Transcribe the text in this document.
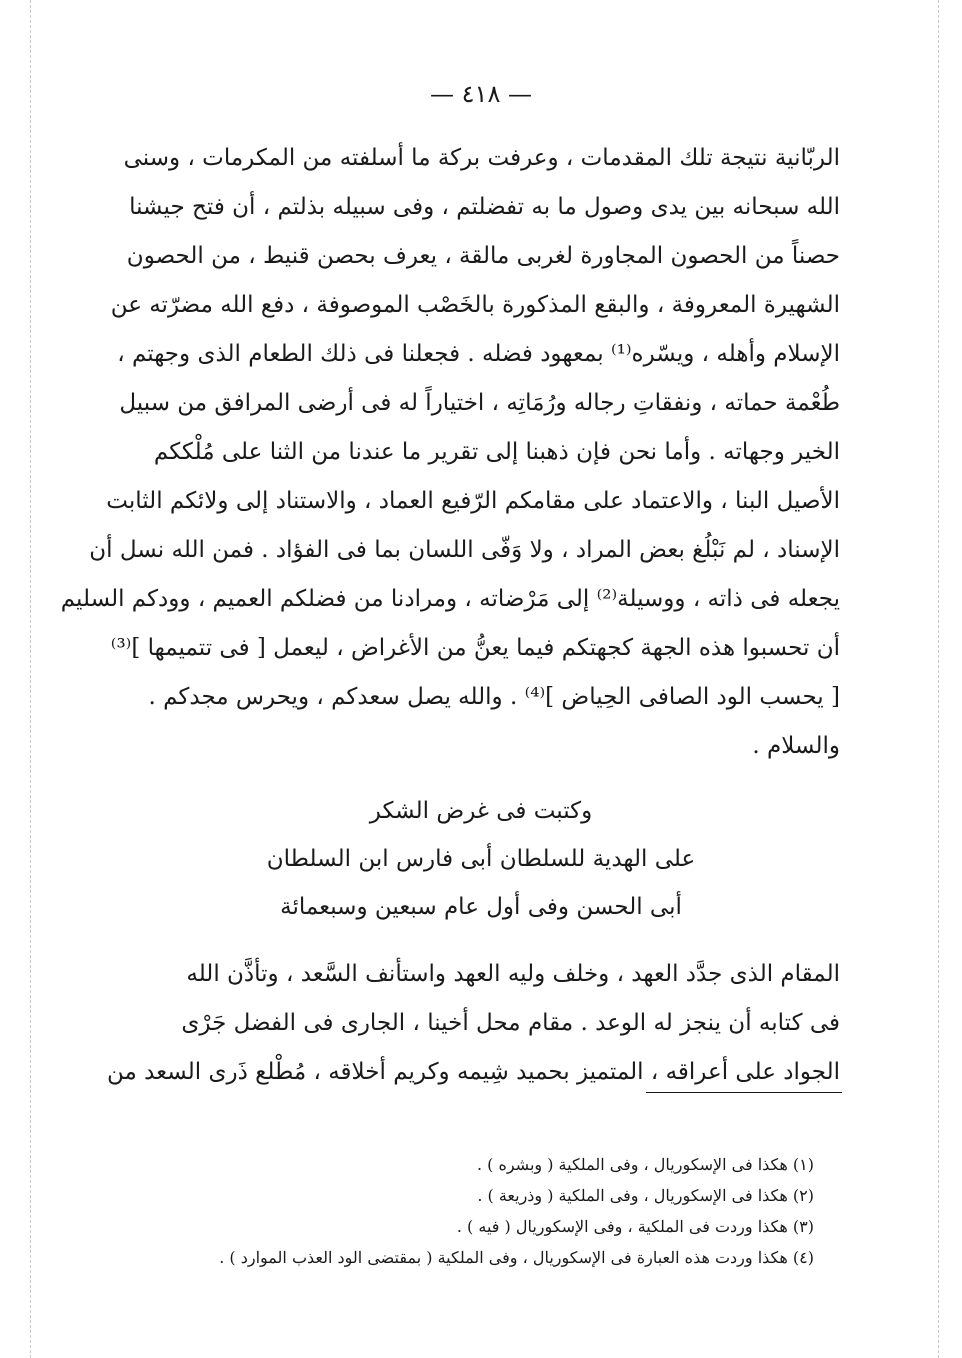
— ٤١٨ —
الربّانية نتيجة تلك المقدمات ، وعرفت بركة ما أسلفته من المكرمات ، وسنى
الله سبحانه بين يدى وصول ما به تفضلتم ، وفى سبيله بذلتم ، أن فتح جيشنا
حصناً من الحصون المجاورة لغربى مالقة ، يعرف بحصن قنيط ، من الحصون
الشهيرة المعروفة ، والبقع المذكورة بالخَصْب الموصوفة ، دفع الله مضرّته عن
الإسلام وأهله ، ويسّره⁽¹⁾ بمعهود فضله . فجعلنا فى ذلك الطعام الذى وجهتم ،
طُعْمة حماته ، ونفقاتِ رجاله ورُمَاتِه ، اختياراً له فى أرضى المرافق من سبيل
الخير وجهاته . وأما نحن فإن ذهبنا إلى تقرير ما عندنا من الثنا على مُلْككم
الأصيل البنا ، والاعتماد على مقامكم الرّفيع العماد ، والاستناد إلى ولائكم الثابت
الإسناد ، لم نَبْلُغ بعض المراد ، ولا وَفّى اللسان بما فى الفؤاد . فمن الله نسل أن
يجعله فى ذاته ، ووسيلة⁽²⁾ إلى مَرْضاته ، ومرادنا من فضلكم العميم ، وودكم السليم
أن تحسبوا هذه الجهة كجهتكم فيما يعنُّ من الأغراض ، ليعمل [ فى تتميمها ]⁽³⁾
[ يحسب الود الصافى الحِياض ]⁽⁴⁾ . والله يصل سعدكم ، ويحرس مجدكم .
والسلام .
وكتبت فى غرض الشكر
على الهدية للسلطان أبى فارس ابن السلطان
أبى الحسن وفى أول عام سبعين وسبعمائة
المقام الذى جدَّد العهد ، وخلف وليه العهد واستأنف السَّعد ، وتأذَّن الله
فى كتابه أن ينجز له الوعد . مقام محل أخينا ، الجارى فى الفضل جَرْى
الجواد على أعراقه ، المتميز بحميد شِيمه وكريم أخلاقه ، مُطْلع ذَرى السعد من
(١) هكذا فى الإسكوريال ، وفى الملكية ( وبشره ) .
(٢) هكذا فى الإسكوريال ، وفى الملكية ( وذريعة ) .
(٣) هكذا وردت فى الملكية ، وفى الإسكوريال ( فيه ) .
(٤) هكذا وردت هذه العبارة فى الإسكوريال ، وفى الملكية ( بمقتضى الود العذب الموارد ) .
